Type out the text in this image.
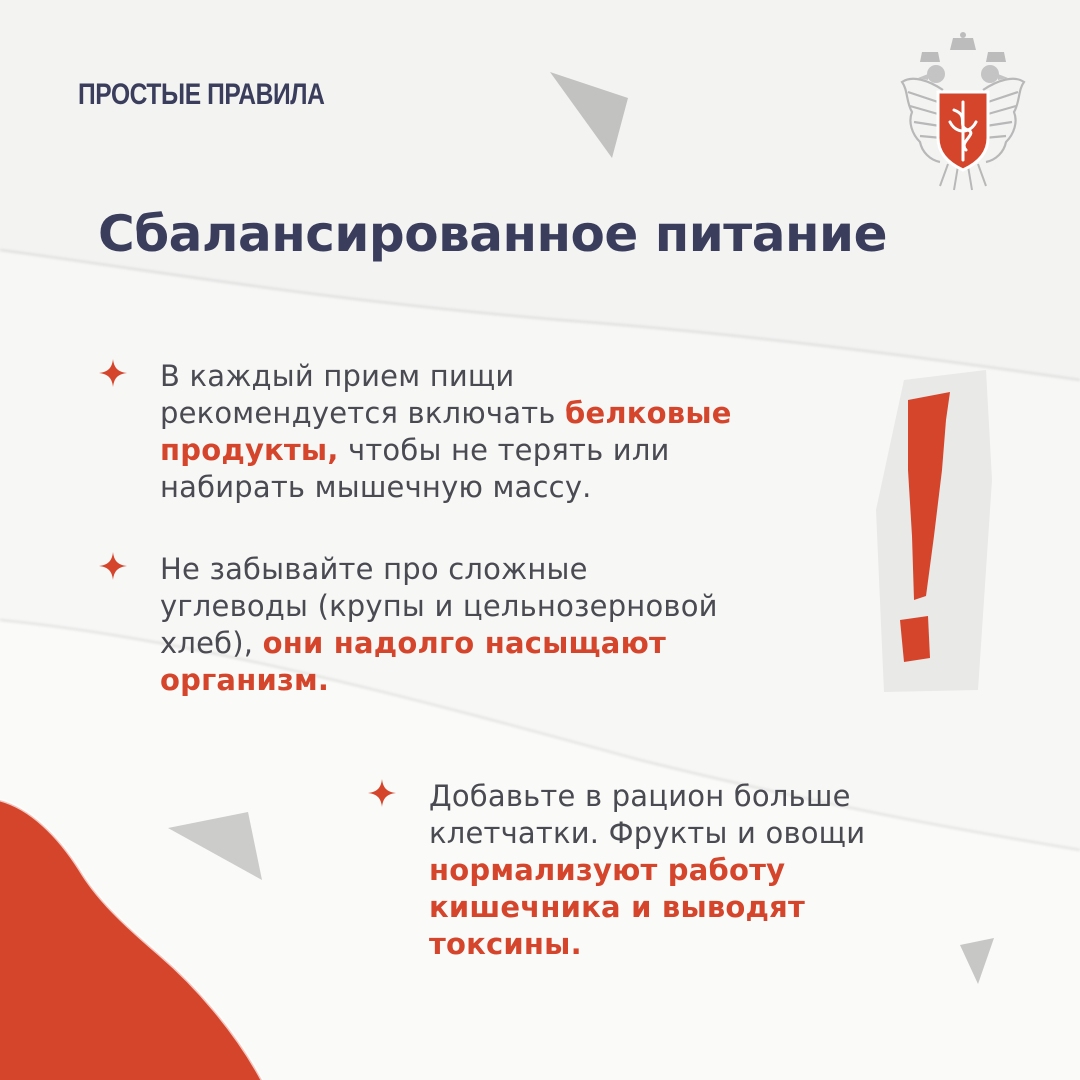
ПРОСТЫЕ ПРАВИЛА
Сбалансированное питание

В каждый прием пищи
рекомендуется включать белковые
продукты, чтобы не терять или
набирать мышечную массу.

Не забывайте про сложные
углеводы (крупы и цельнозерновой
хлеб), они надолго насыщают
организм.

Добавьте в рацион больше
клетчатки. Фрукты и овощи
нормализуют работу
кишечника и выводят
токсины.
